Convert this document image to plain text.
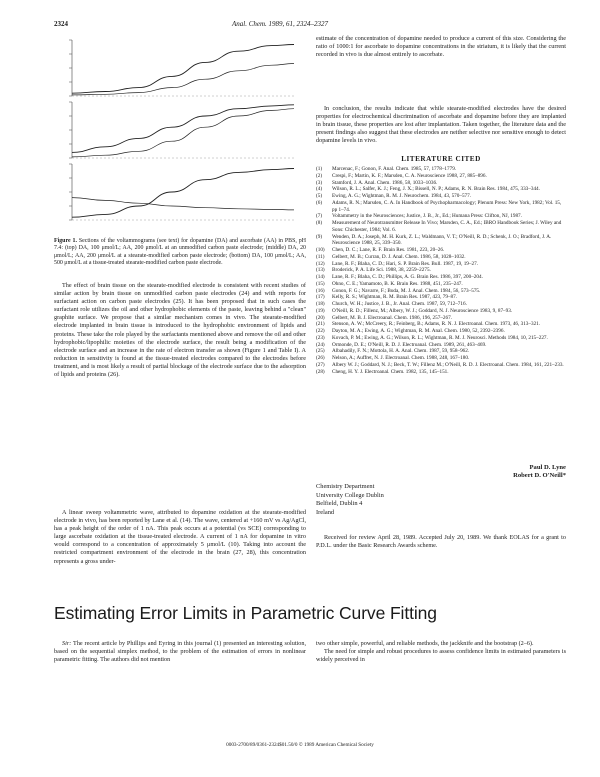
2324	Anal. Chem. 1989, 61, 2324–2327
Figure 1. Sections of the voltammograms (see text) for dopamine (DA) and ascorbate (AA) in PBS, pH 7.4: (top) DA, 100 μmol/L; AA, 200 μmol/L at an unmodified carbon paste electrode; (middle) DA, 20 μmol/L; AA, 200 μmol/L at a stearate-modified carbon paste electrode; (bottom) DA, 100 μmol/L; AA, 500 μmol/L at a tissue-treated stearate-modified carbon paste electrode.

The effect of brain tissue on the stearate-modified electrode is consistent with recent studies of similar action by brain tissue on unmodified carbon paste electrodes (24) and with reports for surfactant action on carbon paste electrodes (25). It has been proposed that in such cases the surfactant role utilizes the oil and other hydrophobic elements of the paste, leaving behind a "clean" graphite surface. We propose that a similar mechanism comes in vivo. The stearate-modified electrode implanted in brain tissue is introduced to the hydrophobic environment of lipids and proteins. These take the role played by the surfactants mentioned above and remove the oil and other hydrophobic/lipophilic moieties of the electrode surface, the result being a modification of the electrode surface and an increase in the rate of electron transfer as shown (Figure 1 and Table I). A reduction in sensitivity is found at the tissue-treated electrodes compared to the electrodes before treatment, and is most likely a result of partial blockage of the electrode surface due to the adsorption of lipids and proteins (26).

A linear sweep voltammetric wave, attributed to dopamine oxidation at the stearate-modified electrode in vivo, has been reported by Lane et al. (14). The wave, centered at +160 mV vs Ag/AgCl, has a peak height of the order of 1 nA. This peak occurs at a potential (vs SCE) corresponding to large ascorbate oxidation at the tissue-treated electrode. A current of 1 nA for dopamine in vitro would correspond to a concentration of approximately 5 μmol/L (10). Taking into account the restricted compartment environment of the electrode in the brain (27, 28), this concentration represents a gross under-

estimate of the concentration of dopamine needed to produce a current of this size. Considering the ratio of 1000:1 for ascorbate to dopamine concentrations in the striatum, it is likely that the current recorded in vivo is due almost entirely to ascorbate.

In conclusion, the results indicate that while stearate-modified electrodes have the desired properties for electrochemical discrimination of ascorbate and dopamine before they are implanted in brain tissue, these properties are lost after implantation. Taken together, the literature data and the present findings also suggest that these electrodes are neither selective nor sensitive enough to detect dopamine levels in vivo.

LITERATURE CITED
(1)	Marcenac, F.; Gonon, F. Anal. Chem. 1985, 57, 1778–1779.
(2)	Crespi, F.; Martin, K. F.; Marsden, C. A. Neuroscience 1988, 27, 885–896.
(3)	Stamford, J. A. Anal. Chem. 1986, 58, 1033–1036.
(4)	Wilson, R. L.; Salfer, K. J.; Feng, J. X.; Bissell, N. P.; Adams, R. N. Brain Res. 1984, 475, 333–344.
(5)	Ewing, A. G.; Wightman, R. M. J. Neurochem. 1984, 43, 570–577.
(6)	Adams, R. N.; Marsden, C. A. In Handbook of Psychopharmacology; Plenum Press: New York, 1982; Vol. 15, pp 1–74.
(7)	Voltammetry in the Neurosciences; Justice, J. B., Jr., Ed.; Humana Press: Clifton, NJ, 1987.
(8)	Measurement of Neurotransmitter Release In Vivo; Marsden, C. A., Ed.; IBRO Handbook Series; J. Wiley and Sons: Chichester, 1984; Vol. 6.
(9)	Wenden, D. A.; Joseph, M. H. Kurk, Z. L.; Waldmann, V. T.; O'Neill, R. D.; Schenk, J. O.; Bradford, J. A. Neuroscience 1988, 25, 339–350.
(10)	Chen, D. C.; Lane, R. F. Brain Res. 1981, 223, 20–26.
(11)	Gelbert, M. B.; Curran, D. J. Anal. Chem. 1986, 58, 1028–1032.
(12)	Lane, R. F.; Blaha, C. D.; Hari, S. P. Brain Res. Bull. 1987, 19, 19–27.
(13)	Broderick, P. A. Life Sci. 1988, 38, 2259–2275.
(14)	Lane, R. F.; Blaha, C. D.; Phillips, A. G. Brain Res. 1986, 397, 200–204.
(15)	Ohno, C. E.; Yamamoto, B. K. Brain Res. 1988, 451, 235–247.
(16)	Gonon, F. G.; Navarre, F.; Buda, M. J. Anal. Chem. 1984, 56, 573–575.
(17)	Kelly, R. S.; Wightman, R. M. Brain Res. 1987, 423, 79–87.
(18)	Church, W. H.; Justice, J. B., Jr. Anal. Chem. 1987, 59, 712–716.
(19)	O'Neill, R. D.; Fillenz, M.; Albery, W. J.; Goddard, N. J. Neuroscience 1983, 9, 87–93.
(20)	Gelbert, M. B. J. Electroanal. Chem. 1986, 196, 257–267.
(21)	Stenson, A. W.; McCreery, R.; Feinberg, B.; Adams, R. N. J. Electroanal. Chem. 1973, 46, 313–321.
(22)	Dayton, M. A.; Ewing, A. G.; Wightman, R. M. Anal. Chem. 1980, 52, 2392–2396.
(23)	Kovach, P. M.; Ewing, A. G.; Wilson, R. L.; Wightman, R. M. J. Neurosci. Methods 1984, 10, 215–227.
(24)	Ormonde, D. E.; O'Neill, R. D. J. Electroanal. Chem. 1989, 261, 463–469.
(25)	Albahadily, F. N.; Mottola, H. A. Anal. Chem. 1987, 59, 958–962.
(26)	Nelson, A.; Auffret, N. J. Electroanal. Chem. 1988, 248, 167–180.
(27)	Albery W. J.; Goddard, N. J.; Beck, T. W.; Fillenz M.; O'Neill, R. D. J. Electroanal. Chem. 1984, 161, 221–233.
(28)	Cheng, H. Y. J. Electroanal. Chem. 1982, 135, 145–151.
Paul D. Lyne
Robert D. O'Neill*
Chemistry Department
University College Dublin
Belfield, Dublin 4
Ireland

Received for review April 28, 1989. Accepted July 20, 1989. We thank EOLAS for a grant to P.D.L. under the Basic Research Awards scheme.

Estimating Error Limits in Parametric Curve Fitting

Sir: The recent article by Phillips and Eyring in this journal (1) presented an interesting solution, based on the sequential simplex method, to the problem of the estimation of errors in nonlinear parametric fitting. The authors did not mention

two other simple, powerful, and reliable methods, the jackknife and the bootstrap (2–6).

The need for simple and robust procedures to assess confidence limits in estimated parameters is widely perceived in

0003-2700/89/0361-2324$01.50/0 © 1989 American Chemical Society
